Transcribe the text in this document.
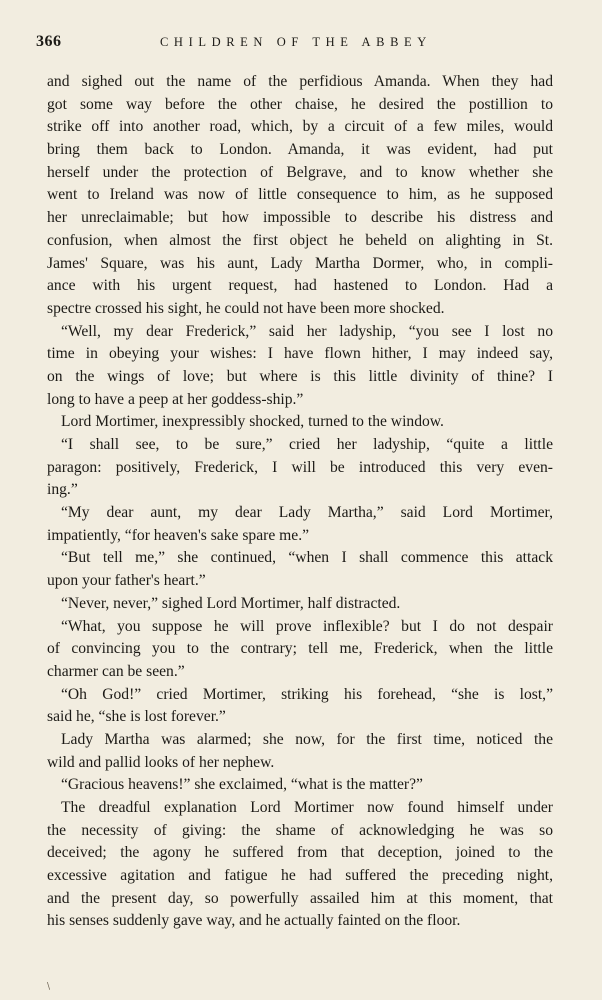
366	CHILDREN OF THE ABBEY
and sighed out the name of the perfidious Amanda. When they had
got some way before the other chaise, he desired the postillion to
strike off into another road, which, by a circuit of a few miles, would
bring them back to London. Amanda, it was evident, had put
herself under the protection of Belgrave, and to know whether she
went to Ireland was now of little consequence to him, as he supposed
her unreclaimable; but how impossible to describe his distress and
confusion, when almost the first object he beheld on alighting in St.
James' Square, was his aunt, Lady Martha Dormer, who, in compli-
ance with his urgent request, had hastened to London. Had a
spectre crossed his sight, he could not have been more shocked.
“Well, my dear Frederick,” said her ladyship, “you see I lost no
time in obeying your wishes: I have flown hither, I may indeed say,
on the wings of love; but where is this little divinity of thine? I
long to have a peep at her goddess-ship.”
Lord Mortimer, inexpressibly shocked, turned to the window.
“I shall see, to be sure,” cried her ladyship, “quite a little
paragon: positively, Frederick, I will be introduced this very even-
ing.”
“My dear aunt, my dear Lady Martha,” said Lord Mortimer,
impatiently, “for heaven's sake spare me.”
“But tell me,” she continued, “when I shall commence this attack
upon your father's heart.”
“Never, never,” sighed Lord Mortimer, half distracted.
“What, you suppose he will prove inflexible? but I do not despair
of convincing you to the contrary; tell me, Frederick, when the little
charmer can be seen.”
“Oh God!” cried Mortimer, striking his forehead, “she is lost,”
said he, “she is lost forever.”
Lady Martha was alarmed; she now, for the first time, noticed the
wild and pallid looks of her nephew.
“Gracious heavens!” she exclaimed, “what is the matter?”
The dreadful explanation Lord Mortimer now found himself under
the necessity of giving: the shame of acknowledging he was so
deceived; the agony he suffered from that deception, joined to the
excessive agitation and fatigue he had suffered the preceding night,
and the present day, so powerfully assailed him at this moment, that
his senses suddenly gave way, and he actually fainted on the floor.
\
